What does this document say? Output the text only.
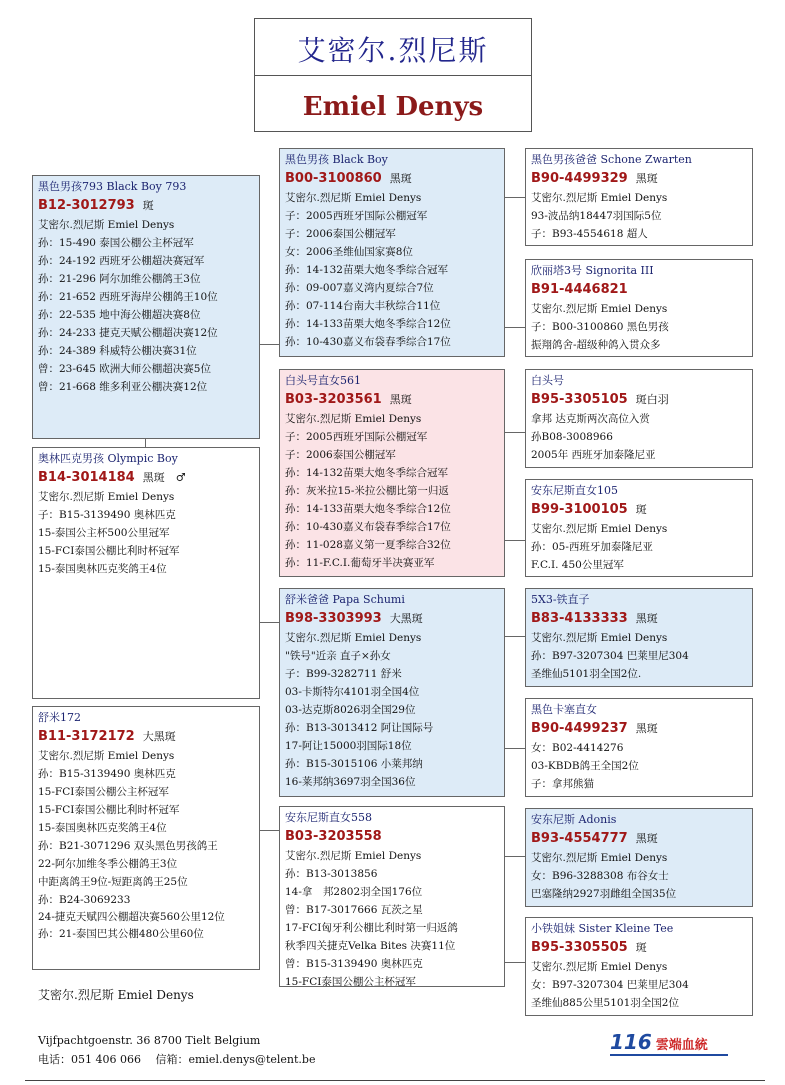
艾密尔.烈尼斯
Emiel Denys
黑色男孩793 Black Boy 793
B12-3012793 斑
艾密尔.烈尼斯 Emiel Denys
孙：15-490 泰国公棚公主杯冠军
孙：24-192 西班牙公棚超决赛冠军
孙：21-296 阿尔加维公棚鸽王3位
孙：21-652 西班牙海岸公棚鸽王10位
孙：22-535 地中海公棚超决赛8位
孙：24-233 捷克天赋公棚超决赛12位
孙：24-389 科威特公棚决赛31位
曾：23-645 欧洲大师公棚超决赛5位
曾：21-668 维多利亚公棚决赛12位
奥林匹克男孩 Olympic Boy
B14-3014184 黑斑　♂
艾密尔.烈尼斯 Emiel Denys
子：B15-3139490 奥林匹克
15-泰国公主杯500公里冠军
15-FCI泰国公棚比利时杯冠军
15-泰国奥林匹克奖鸽王4位
舒米172
B11-3172172 大黑斑
艾密尔.烈尼斯 Emiel Denys
孙：B15-3139490 奥林匹克
15-FCI泰国公棚公主杯冠军
15-FCI泰国公棚比利时杯冠军
15-泰国奥林匹克奖鸽王4位
孙：B21-3071296 双头黑色男孩鸽王
22-阿尔加维冬季公棚鸽王3位
中距离鸽王9位-短距离鸽王25位
孙：B24-3069233
24-捷克天赋四公棚超决赛560公里12位
孙：21-泰国巴其公棚480公里60位
黑色男孩 Black Boy
B00-3100860 黑斑
艾密尔.烈尼斯 Emiel Denys
子：2005西班牙国际公棚冠军
子：2006泰国公棚冠军
女：2006圣维仙国家赛8位
孙：14-132苗栗大炮冬季综合冠军
孙：09-007嘉义湾内夏综合7位
孙：07-114台南大丰秋综合11位
孙：14-133苗栗大炮冬季综合12位
孙：10-430嘉义布袋春季综合17位
白头号直女561
B03-3203561 黑斑
艾密尔.烈尼斯 Emiel Denys
子：2005西班牙国际公棚冠军
子：2006泰国公棚冠军
孙：14-132苗栗大炮冬季综合冠军
孙：灰米拉15-米拉公棚比第一归返
孙：14-133苗栗大炮冬季综合12位
孙：10-430嘉义布袋春季综合17位
孙：11-028嘉义第一夏季综合32位
孙：11-F.C.I.葡萄牙半决赛亚军
舒米爸爸 Papa Schumi
B98-3303993 大黑斑
艾密尔.烈尼斯 Emiel Denys
"铁号"近亲 直子×孙女
子：B99-3282711 舒米
03-卡斯特尔4101羽全国4位
03-达克斯8026羽全国29位
孙：B13-3013412 阿让国际号
17-阿让15000羽国际18位
孙：B15-3015106 小莱邦纳
16-莱邦纳3697羽全国36位
安东尼斯直女558
B03-3203558
艾密尔.烈尼斯 Emiel Denys
孙：B13-3013856
14-拿　邦2802羽全国176位
曾：B17-3017666 瓦茨之星
17-FCI匈牙利公棚比利时第一归返鸽
秋季四关捷克Velka Bites 决赛11位
曾：B15-3139490 奥林匹克
15-FCI泰国公棚公主杯冠军
黑色男孩爸爸 Schone Zwarten
B90-4499329 黑斑
艾密尔.烈尼斯 Emiel Denys
93-波品纳18447羽国际5位
子：B93-4554618 超人
欣丽塔3号 Signorita III
B91-4446821
艾密尔.烈尼斯 Emiel Denys
子：B00-3100860 黑色男孩
振翔鸽舍-超级种鸽入贯众多
白头号
B95-3305105 斑白羽
拿邦 达克斯两次高位入赏
孙B08-3008966
2005年 西班牙加泰隆尼亚
安东尼斯直女105
B99-3100105 斑
艾密尔.烈尼斯 Emiel Denys
孙：05-西班牙加泰隆尼亚
F.C.I. 450公里冠军
5X3-铁直子
B83-4133333 黑斑
艾密尔.烈尼斯 Emiel Denys
孙：B97-3207304 巴莱里尼304
圣维仙5101羽全国2位.
黑色卡塞直女
B90-4499237 黑斑
女：B02-4414276
03-KBDB鸽王全国2位
子：拿邦熊猫
安东尼斯 Adonis
B93-4554777 黑斑
艾密尔.烈尼斯 Emiel Denys
女：B96-3288308 布谷女士
巴塞隆纳2927羽雌组全国35位
小铁姐妹 Sister Kleine Tee
B95-3305505 斑
艾密尔.烈尼斯 Emiel Denys
女：B97-3207304 巴莱里尼304
圣维仙885公里5101羽全国2位
艾密尔.烈尼斯 Emiel Denys
Vijfpachtgoenstr. 36 8700 Tielt Belgium
电话：051 406 066　 信箱：emiel.denys@telent.be
116 雲端血統
